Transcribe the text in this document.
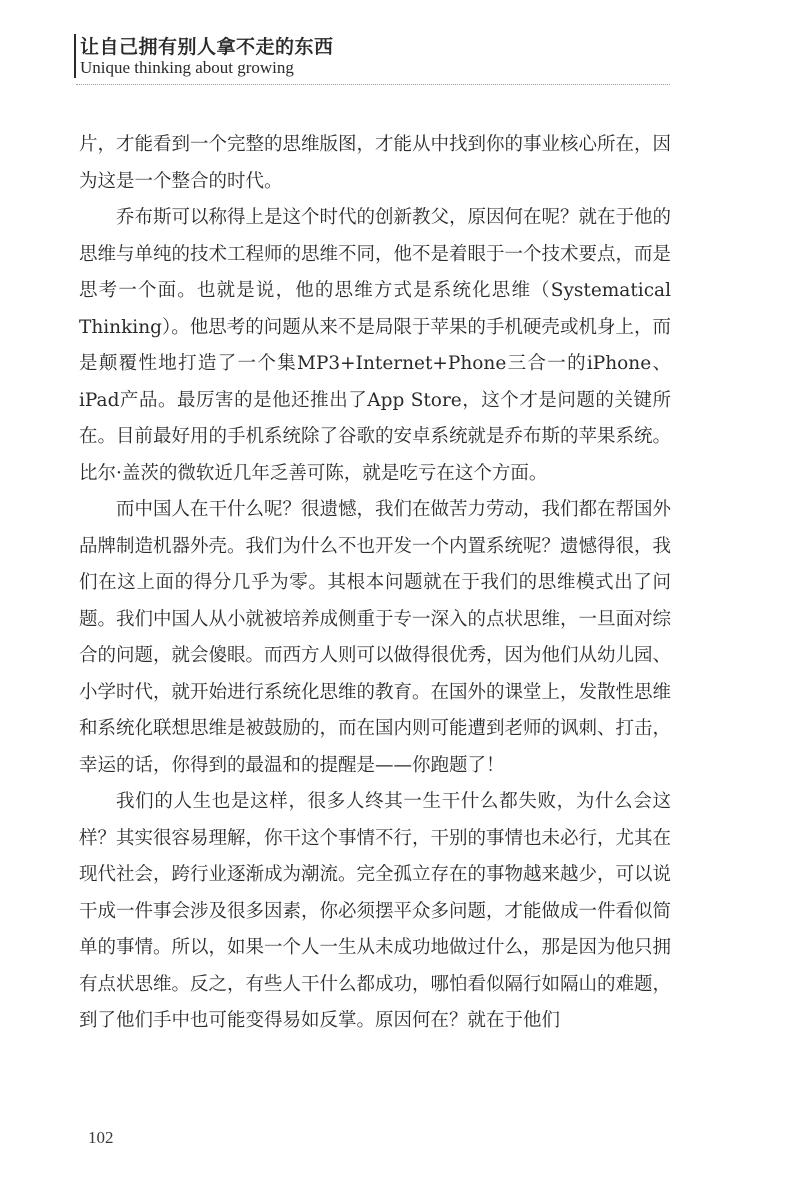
让自己拥有别人拿不走的东西
Unique thinking about growing

片，才能看到一个完整的思维版图，才能从中找到你的事业核心所在，因为这是一个整合的时代。

乔布斯可以称得上是这个时代的创新教父，原因何在呢？就在于他的思维与单纯的技术工程师的思维不同，他不是着眼于一个技术要点，而是思考一个面。也就是说，他的思维方式是系统化思维（Systematical Thinking）。他思考的问题从来不是局限于苹果的手机硬壳或机身上，而是颠覆性地打造了一个集MP3+Internet+Phone三合一的iPhone、iPad产品。最厉害的是他还推出了App Store，这个才是问题的关键所在。目前最好用的手机系统除了谷歌的安卓系统就是乔布斯的苹果系统。比尔·盖茨的微软近几年乏善可陈，就是吃亏在这个方面。

而中国人在干什么呢？很遗憾，我们在做苦力劳动，我们都在帮国外品牌制造机器外壳。我们为什么不也开发一个内置系统呢？遗憾得很，我们在这上面的得分几乎为零。其根本问题就在于我们的思维模式出了问题。我们中国人从小就被培养成侧重于专一深入的点状思维，一旦面对综合的问题，就会傻眼。而西方人则可以做得很优秀，因为他们从幼儿园、小学时代，就开始进行系统化思维的教育。在国外的课堂上，发散性思维和系统化联想思维是被鼓励的，而在国内则可能遭到老师的讽刺、打击，幸运的话，你得到的最温和的提醒是——你跑题了！

我们的人生也是这样，很多人终其一生干什么都失败，为什么会这样？其实很容易理解，你干这个事情不行，干别的事情也未必行，尤其在现代社会，跨行业逐渐成为潮流。完全孤立存在的事物越来越少，可以说干成一件事会涉及很多因素，你必须摆平众多问题，才能做成一件看似简单的事情。所以，如果一个人一生从未成功地做过什么，那是因为他只拥有点状思维。反之，有些人干什么都成功，哪怕看似隔行如隔山的难题，到了他们手中也可能变得易如反掌。原因何在？就在于他们

102
